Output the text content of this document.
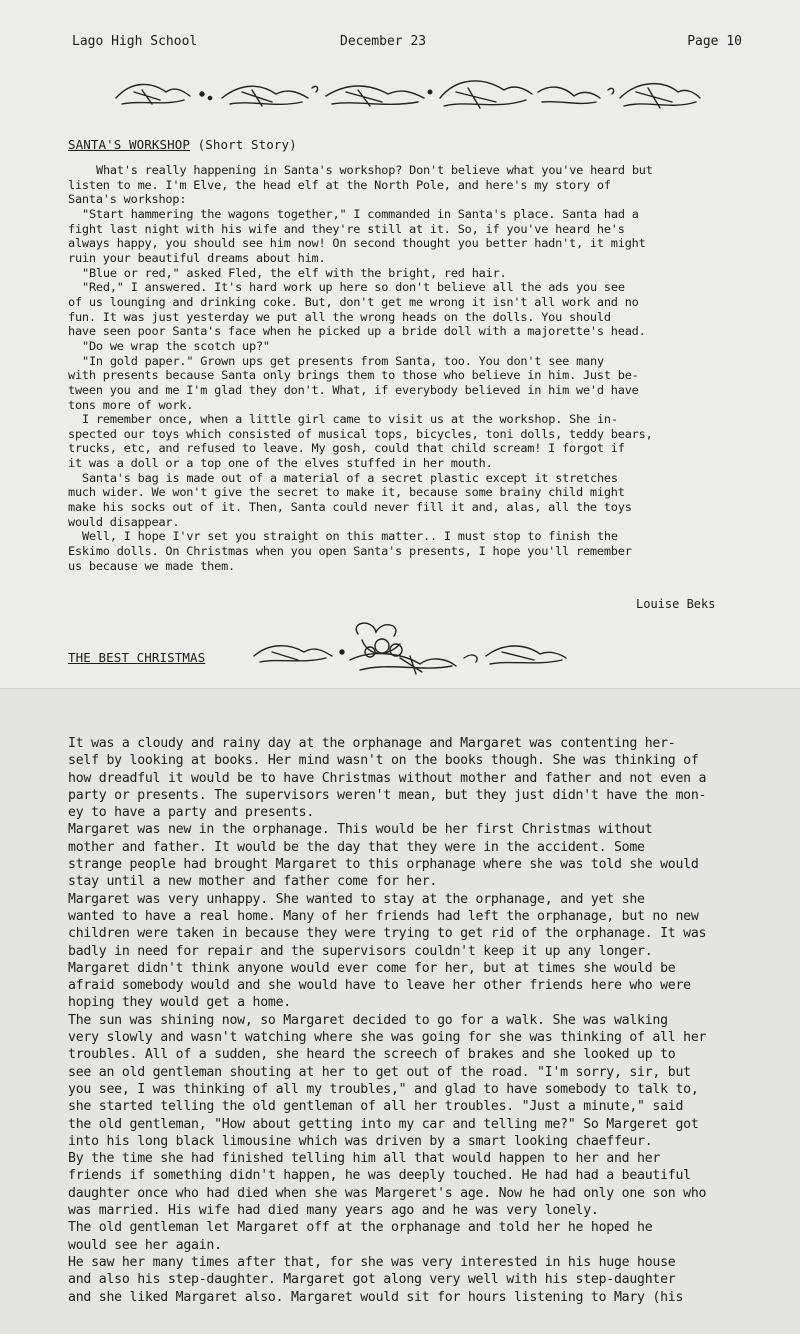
Lago High School	December 23	Page 10
SANTA'S WORKSHOP (Short Story)

What's really happening in Santa's workshop? Don't believe what you've heard but

listen to me. I'm Elve, the head elf at the North Pole, and here's my story of

Santa's workshop:

"Start hammering the wagons together," I commanded in Santa's place. Santa had a

fight last night with his wife and they're still at it. So, if you've heard he's

always happy, you should see him now! On second thought you better hadn't, it might

ruin your beautiful dreams about him.

"Blue or red," asked Fled, the elf with the bright, red hair.

"Red," I answered. It's hard work up here so don't believe all the ads you see

of us lounging and drinking coke. But, don't get me wrong it isn't all work and no

fun. It was just yesterday we put all the wrong heads on the dolls. You should

have seen poor Santa's face when he picked up a bride doll with a majorette's head.

"Do we wrap the scotch up?"

"In gold paper." Grown ups get presents from Santa, too. You don't see many

with presents because Santa only brings them to those who believe in him. Just be-

tween you and me I'm glad they don't. What, if everybody believed in him we'd have

tons more of work.

I remember once, when a little girl came to visit us at the workshop. She in-

spected our toys which consisted of musical tops, bicycles, toni dolls, teddy bears,

trucks, etc, and refused to leave. My gosh, could that child scream! I forgot if

it was a doll or a top one of the elves stuffed in her mouth.

Santa's bag is made out of a material of a secret plastic except it stretches

much wider. We won't give the secret to make it, because some brainy child might

make his socks out of it. Then, Santa could never fill it and, alas, all the toys

would disappear.

Well, I hope I'vr set you straight on this matter.. I must stop to finish the

Eskimo dolls. On Christmas when you open Santa's presents, I hope you'll remember

us because we made them.

Louise Beks
THE BEST CHRISTMAS

It was a cloudy and rainy day at the orphanage and Margaret was contenting her-

self by looking at books. Her mind wasn't on the books though. She was thinking of

how dreadful it would be to have Christmas without mother and father and not even a

party or presents. The supervisors weren't mean, but they just didn't have the mon-

ey to have a party and presents.

Margaret was new in the orphanage. This would be her first Christmas without

mother and father. It would be the day that they were in the accident. Some

strange people had brought Margaret to this orphanage where she was told she would

stay until a new mother and father come for her.

Margaret was very unhappy. She wanted to stay at the orphanage, and yet she

wanted to have a real home. Many of her friends had left the orphanage, but no new

children were taken in because they were trying to get rid of the orphanage. It was

badly in need for repair and the supervisors couldn't keep it up any longer.

Margaret didn't think anyone would ever come for her, but at times she would be

afraid somebody would and she would have to leave her other friends here who were

hoping they would get a home.

The sun was shining now, so Margaret decided to go for a walk. She was walking

very slowly and wasn't watching where she was going for she was thinking of all her

troubles. All of a sudden, she heard the screech of brakes and she looked up to

see an old gentleman shouting at her to get out of the road. "I'm sorry, sir, but

you see, I was thinking of all my troubles," and glad to have somebody to talk to,

she started telling the old gentleman of all her troubles. "Just a minute," said

the old gentleman, "How about getting into my car and telling me?" So Margeret got

into his long black limousine which was driven by a smart looking chaeffeur.

By the time she had finished telling him all that would happen to her and her

friends if something didn't happen, he was deeply touched. He had had a beautiful

daughter once who had died when she was Margeret's age. Now he had only one son who

was married. His wife had died many years ago and he was very lonely.

The old gentleman let Margaret off at the orphanage and told her he hoped he

would see her again.

He saw her many times after that, for she was very interested in his huge house

and also his step-daughter. Margaret got along very well with his step-daughter

and she liked Margaret also. Margaret would sit for hours listening to Mary (his
